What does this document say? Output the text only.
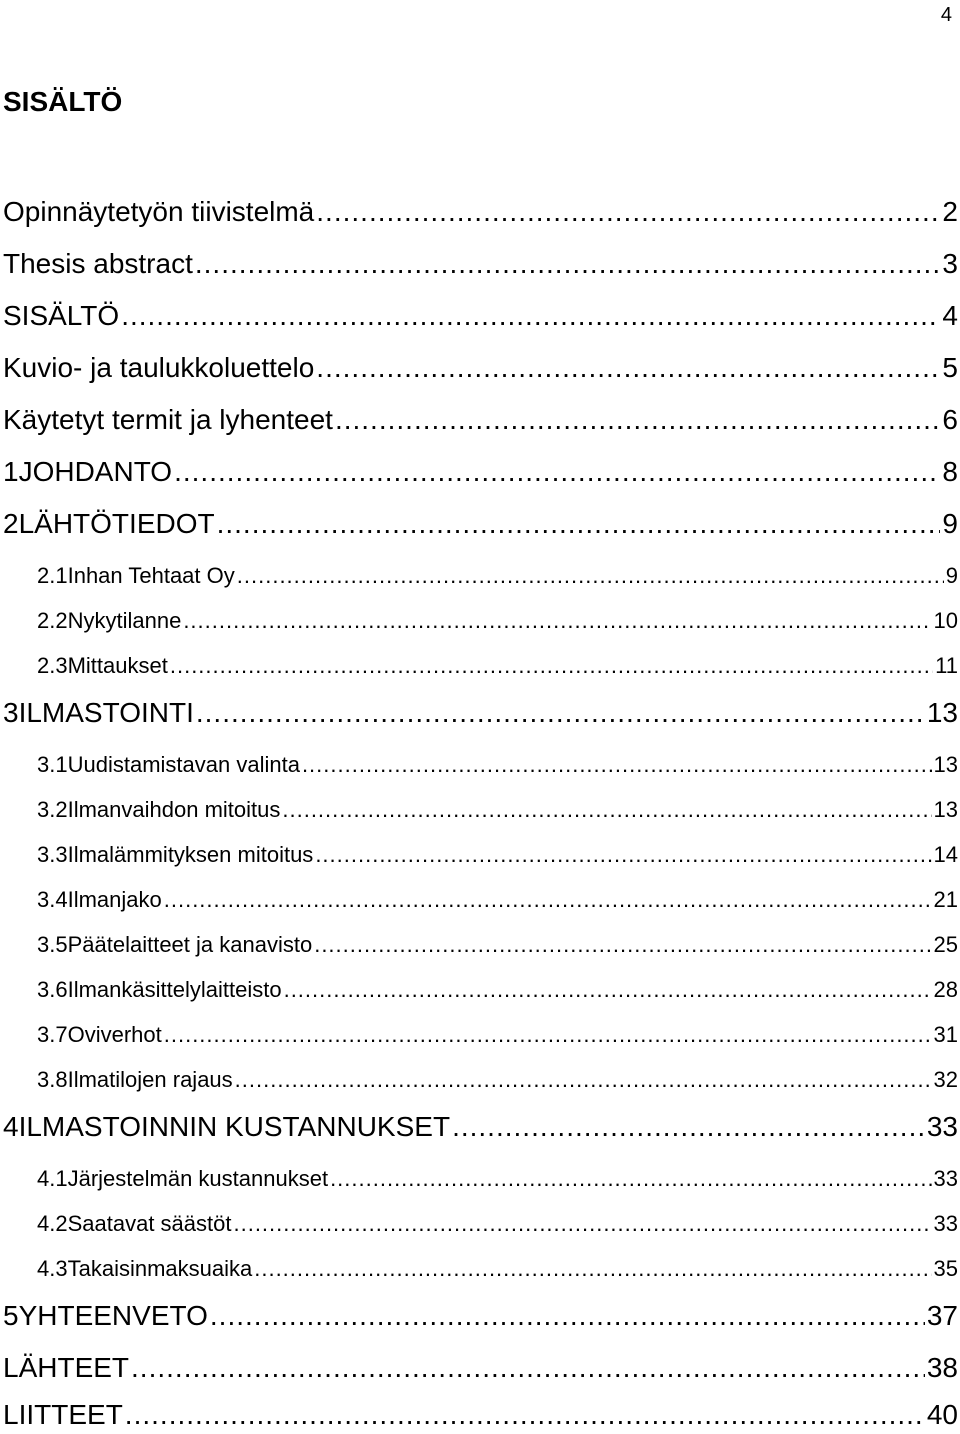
4
SISÄLTÖ
Opinnäytetyön tiivistelmä .....	2
Thesis abstract .....	3
SISÄLTÖ .....	4
Kuvio- ja taulukkoluettelo .....	5
Käytetyt termit ja lyhenteet .....	6
1 JOHDANTO .....	8
2 LÄHTÖTIEDOT .....	9
2.1 Inhan Tehtaat Oy .....	9
2.2 Nykytilanne .....	10
2.3 Mittaukset .....	11
3 ILMASTOINTI .....	13
3.1 Uudistamistavan valinta .....	13
3.2 Ilmanvaihdon mitoitus .....	13
3.3 Ilmalämmityksen mitoitus .....	14
3.4 Ilmanjako .....	21
3.5 Päätelaitteet ja kanavisto .....	25
3.6 Ilmankäsittelylaitteisto .....	28
3.7 Oviverhot .....	31
3.8 Ilmatilojen rajaus .....	32
4 ILMASTOINNIN KUSTANNUKSET .....	33
4.1 Järjestelmän kustannukset .....	33
4.2 Saatavat säästöt .....	33
4.3 Takaisinmaksuaika .....	35
5 YHTEENVETO .....	37
LÄHTEET .....	38
LIITTEET .....	40
